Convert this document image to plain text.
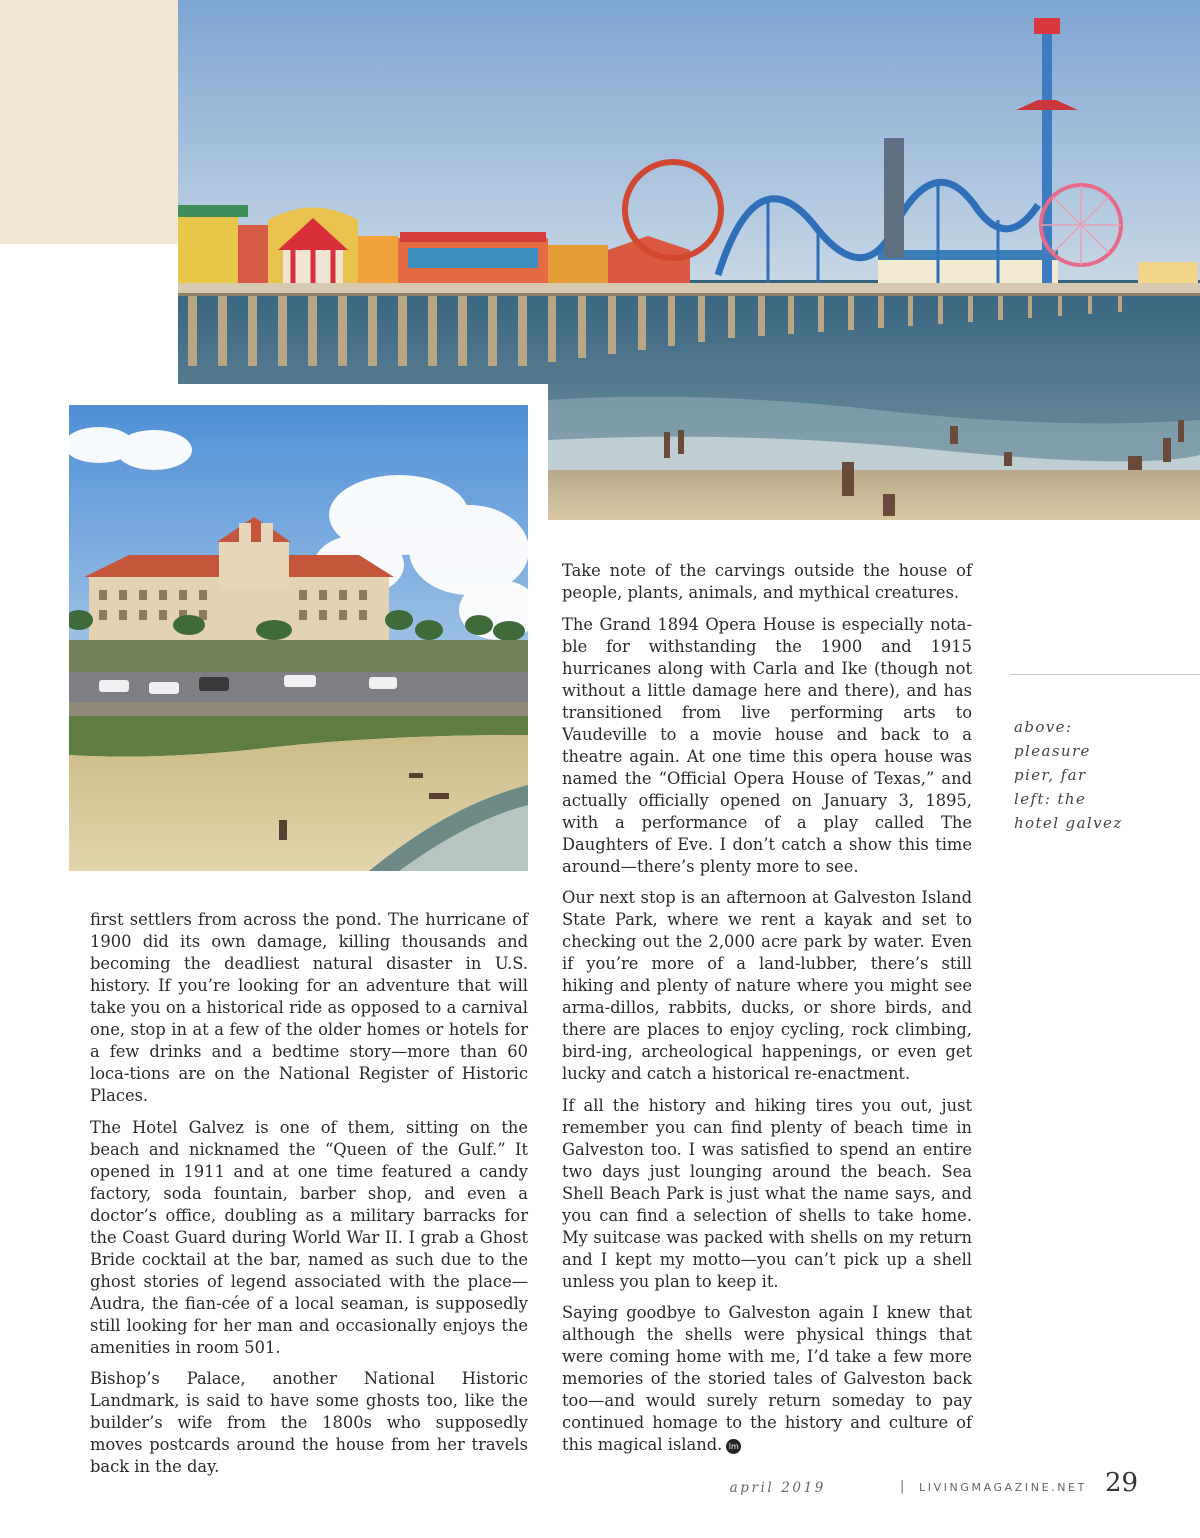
first settlers from across the pond. The hurricane of 1900 did its own damage, killing thousands and becoming the deadliest natural disaster in U.S. history. If you’re looking for an adventure that will take you on a historical ride as opposed to a carnival one, stop in at a few of the older homes or hotels for a few drinks and a bedtime story—more than 60 loca-tions are on the National Register of Historic Places.

The Hotel Galvez is one of them, sitting on the beach and nicknamed the “Queen of the Gulf.” It opened in 1911 and at one time featured a candy factory, soda fountain, barber shop, and even a doctor’s office, doubling as a military barracks for the Coast Guard during World War II. I grab a Ghost Bride cocktail at the bar, named as such due to the ghost stories of legend associated with the place—Audra, the fian-cée of a local seaman, is supposedly still looking for her man and occasionally enjoys the amenities in room 501.

Bishop’s Palace, another National Historic Landmark, is said to have some ghosts too, like the builder’s wife from the 1800s who supposedly moves postcards around the house from her travels back in the day.

Take note of the carvings outside the house of people, plants, animals, and mythical creatures.

The Grand 1894 Opera House is especially nota-ble for withstanding the 1900 and 1915 hurricanes along with Carla and Ike (though not without a little damage here and there), and has transitioned from live performing arts to Vaudeville to a movie house and back to a theatre again. At one time this opera house was named the “Official Opera House of Texas,” and actually officially opened on January 3, 1895, with a performance of a play called The Daughters of Eve. I don’t catch a show this time around—there’s plenty more to see.

Our next stop is an afternoon at Galveston Island State Park, where we rent a kayak and set to checking out the 2,000 acre park by water. Even if you’re more of a land-lubber, there’s still hiking and plenty of nature where you might see arma-dillos, rabbits, ducks, or shore birds, and there are places to enjoy cycling, rock climbing, bird-ing, archeological happenings, or even get lucky and catch a historical re-enactment.

If all the history and hiking tires you out, just remember you can find plenty of beach time in Galveston too. I was satisfied to spend an entire two days just lounging around the beach. Sea Shell Beach Park is just what the name says, and you can find a selection of shells to take home. My suitcase was packed with shells on my return and I kept my motto—you can’t pick up a shell unless you plan to keep it.

Saying goodbye to Galveston again I knew that although the shells were physical things that were coming home with me, I’d take a few more memories of the storied tales of Galveston back too—and would surely return someday to pay continued homage to the history and culture of this magical island. lm

above:
pleasure
pier, far
left: the
hotel galvez
april 2019	| LIVINGMAGAZINE.NET 29
